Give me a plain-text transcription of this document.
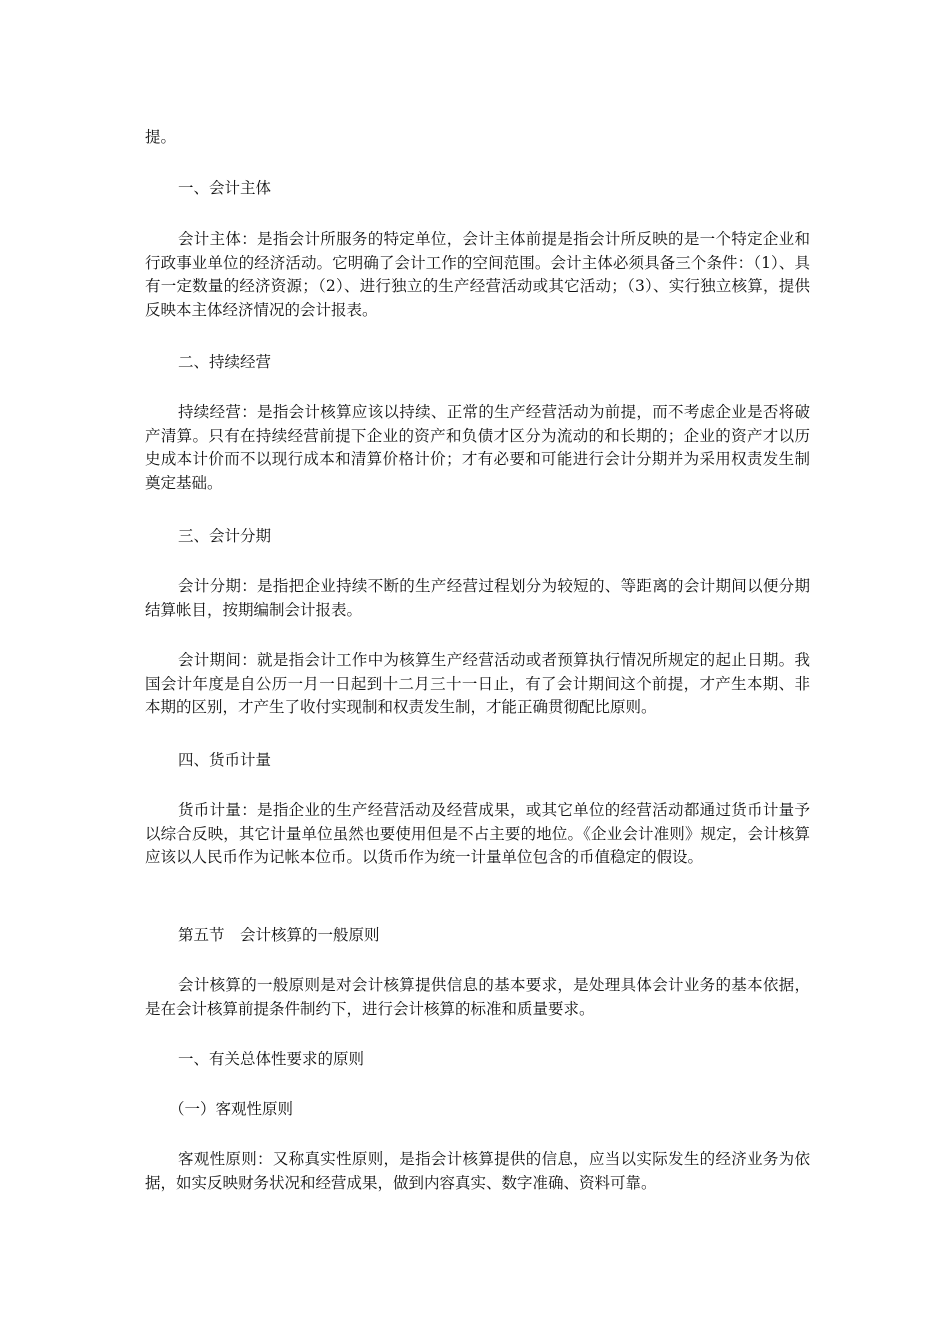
提。

一、会计主体

会计主体：是指会计所服务的特定单位，会计主体前提是指会计所反映的是一个特定企业和行政事业单位的经济活动。它明确了会计工作的空间范围。会计主体必须具备三个条件：（1）、具有一定数量的经济资源；（2）、进行独立的生产经营活动或其它活动；（3）、实行独立核算，提供反映本主体经济情况的会计报表。

二、持续经营

持续经营：是指会计核算应该以持续、正常的生产经营活动为前提，而不考虑企业是否将破产清算。只有在持续经营前提下企业的资产和负债才区分为流动的和长期的；企业的资产才以历史成本计价而不以现行成本和清算价格计价；才有必要和可能进行会计分期并为采用权责发生制奠定基础。

三、会计分期

会计分期：是指把企业持续不断的生产经营过程划分为较短的、等距离的会计期间以便分期结算帐目，按期编制会计报表。

会计期间：就是指会计工作中为核算生产经营活动或者预算执行情况所规定的起止日期。我国会计年度是自公历一月一日起到十二月三十一日止，有了会计期间这个前提，才产生本期、非本期的区别，才产生了收付实现制和权责发生制，才能正确贯彻配比原则。

四、货币计量

货币计量：是指企业的生产经营活动及经营成果，或其它单位的经营活动都通过货币计量予以综合反映，其它计量单位虽然也要使用但是不占主要的地位。《企业会计准则》规定，会计核算应该以人民币作为记帐本位币。以货币作为统一计量单位包含的币值稳定的假设。

第五节　会计核算的一般原则

会计核算的一般原则是对会计核算提供信息的基本要求，是处理具体会计业务的基本依据，是在会计核算前提条件制约下，进行会计核算的标准和质量要求。

一、有关总体性要求的原则

（一）客观性原则

客观性原则：又称真实性原则，是指会计核算提供的信息，应当以实际发生的经济业务为依据，如实反映财务状况和经营成果，做到内容真实、数字准确、资料可靠。
